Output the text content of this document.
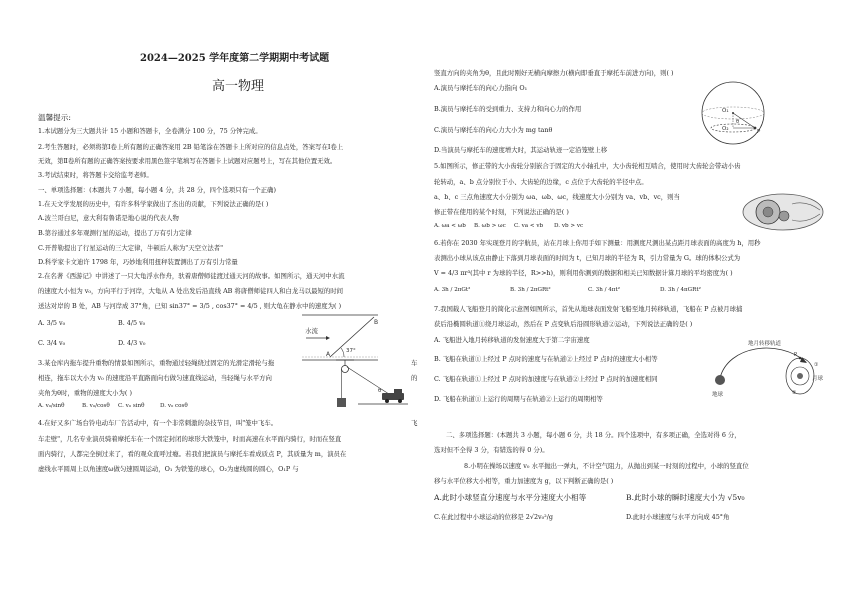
2024—2025 学年度第二学期期中考试题
高一物理
温馨提示:
1.本试题分为三大题共计 15 小题和答题卡，全卷满分 100 分，75 分钟完成。
2.考生答题时，必须将第Ⅰ卷上所有题的正确答案用 2B 铅笔涂在答题卡上所对应的信息点处，答案写在Ⅰ卷上
无效，第Ⅱ卷所有题的正确答案按要求用黑色签字笔填写在答题卡上试题对应题号上，写在其他位置无效。
3.考试结束时，将答题卡交给监考老师。
一、单项选择题：(本题共 7 小题，每小题 4 分，共 28 分，四个选项只有一个正确)
1.在天文学发展的历史中，有许多科学家做出了杰出的贡献，下列说法正确的是( )
A.波兰哥白尼，意大利有鲁诺是地心说的代表人物
B.第谷通过多年观测行星的运动，提出了万有引力定律
C.开普勒提出了行星运动的三大定律，牛顿后人称为"天空立法者"
D.科学家卡文迪许 1798 年，巧妙地利用扭秤装置测出了万有引力常量
2.在名著《西游记》中讲述了一只大龟浮水作舟，驮着唐僧师徒渡过通天河的故事。如图所示，通天河中水流
的速度大小恒为 v₀，方向平行于河岸，大龟从 A 处出发后沿直线 AB 将唐僧师徒四人和白龙马以最短的时间
送达对岸的 B 处，AB 与河岸成 37°角，已知 sin37° = 3/5 , cos37° = 4/5 , 则大龟在静水中的速度为( )
A. 3/5 v₀	B. 4/5 v₀
C. 3/4 v₀	D. 4/3 v₀
水流
A
B
37°
3.某仓库内拖车提升重物的情景如图所示，重物通过轻绳绕过固定的光滑定滑轮与拖	车
相连，拖车以大小为 v₀ 的速度沿平直路面向右做匀速直线运动，当轻绳与水平方向	的
夹角为θ时，重物的速度大小为( )
A. v₀/sinθ	B. v₀/cosθ C. v₀ sinθ	D. v₀ cosθ
θ
4.在好又多广场台铃电动车厂告活动中，有一个非常刺激的杂技节目，叫"笼中飞车。	飞
车走壁"，几名专业演员骑着摩托车在一个固定封闭的球形大铁笼中，时而高速在水平面内骑行，时而在竖直
面内骑行，人都完全倒过来了，看的观众直呼过瘾。若我们把演员与摩托车看成质点 P，其质量为 m，演员在
虚线水平圆周上以角速度ω做匀速圆周运动，O₁ 为铁笼的球心，O₂为虚线圆的圆心，O₁P 与
竖直方向的夹角为θ，且此时刚好无横向摩擦力(横向即垂直于摩托车前进方向)，则( )
A.演员与摩托车的向心力指向 O₁
B.演员与摩托车的受到重力、支持力和向心力的作用
C.演员与摩托车的向心力大小为 mg tanθ
D.当演员与摩托车的速度增大时，其运动轨迹一定沿笼壁上移
O₁
O₂	P
θ
5.如图所示，修正带的大小齿轮分别嵌合于固定的大小轴孔中，大小齿轮相互啮合，使用时大齿轮会带动小齿
轮转动，a、b 点分别位于小、大齿轮的边缘，c 点位于大齿轮的半径中点。
a、b、c 三点角速度大小分别为 ωa、ωb、ωc，线速度大小分别为 va、vb、vc，则当
修正带在使用的某个时刻，下列说法正确的是( )
A. ωa < ωb B. ωb > ωc C. va < vb D. vb > vc
6.若你在 2030 年实现登月的宇航员，站在月球上你用手如下测量：用测度尺测出某点距月球表面的高度为 h，用秒
表测出小球从该点由静止下落到月球表面的时间为 t，已知月球的半径为 R，引力常量为 G。球的体积公式为
V = 4/3 πr³(其中 r 为球的半径，R>>h)，则利用你测到的数据和相关已知数据计算月球的平均密度为( )
A. 3h / 2πGt²	B. 3h / 2πGRt²	C. 3h / 4πt²	D. 3h / 4πGRt²
7.我国载人飞船登月的简化示意图如图所示，首先从地球表面发射飞船至地月转移轨道，飞船在 P 点被月球捕
获后沿椭圆轨道①绕月球运动，然后在 P 点变轨后沿圆形轨道②运动，下列说法正确的是( )
A. 飞船进入地月转移轨道的发射速度大于第二宇宙速度
B. 飞船在轨道①上经过 P 点时的速度与在轨道②上经过 P 点时的速度大小相等
C. 飞船在轨道①上经过 P 点时的加速度与在轨道②上经过 P 点时的加速度相同
D. 飞船在轨道①上运行的周期与在轨道②上运行的周期相等
地月转移轨道
地球
月球
P
①
②
二、多项选择题：(本题共 3 小题，每小题 6 分，共 18 分。四个选项中，有多项正确，全选对得 6 分，
选对但不全得 3 分，有错选的得 0 分)。
8.小明在操场以速度 v₀ 水平抛出一弹丸，不计空气阻力，从抛出到某一时刻的过程中，小球的竖直位
移与水平位移大小相等，重力加速度为 g，以下判断正确的是( )
A.此时小球竖直分速度与水平分速度大小相等	B.此时小球的瞬时速度大小为 √5v₀
C.在此过程中小球运动的位移是 2√2v₀²/g	D.此时小球速度与水平方向成 45°角
